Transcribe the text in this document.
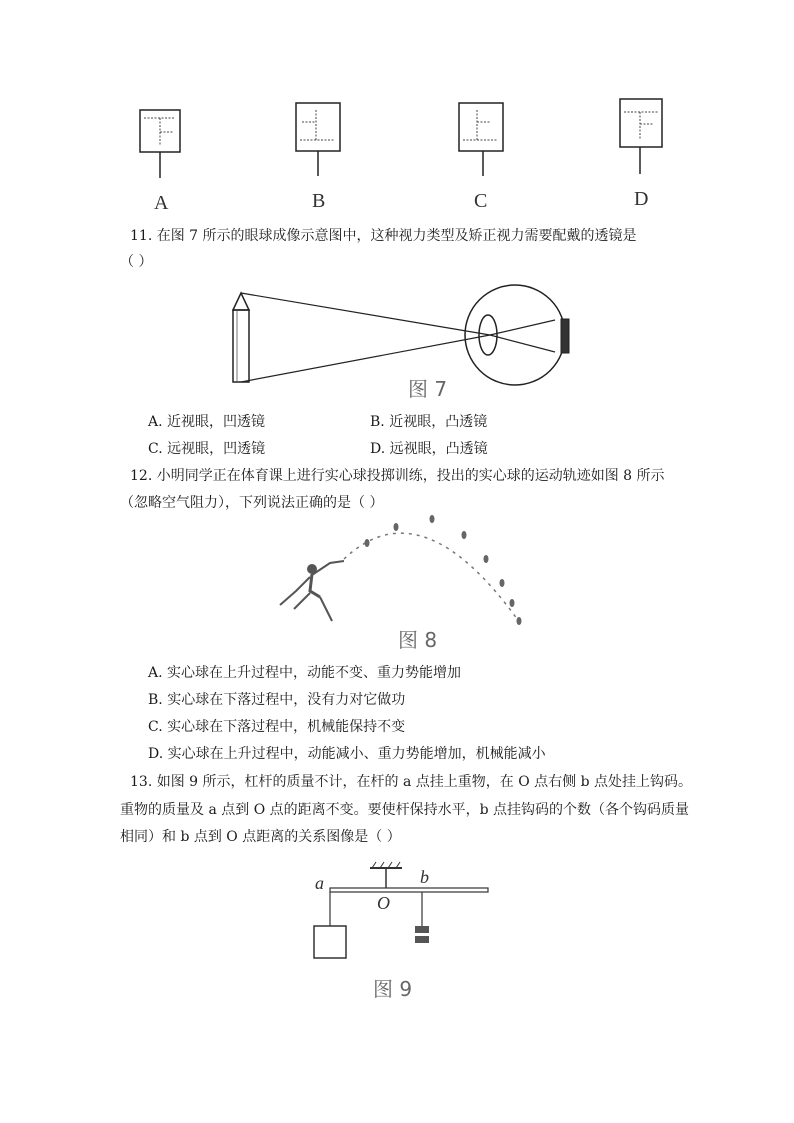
A	B	C	D
11. 在图 7 所示的眼球成像示意图中，这种视力类型及矫正视力需要配戴的透镜是
（ ）
图 7
A. 近视眼，凹透镜	B. 近视眼，凸透镜
C. 远视眼，凹透镜	D. 远视眼，凸透镜
12. 小明同学正在体育课上进行实心球投掷训练，投出的实心球的运动轨迹如图 8 所示
（忽略空气阻力），下列说法正确的是（ ）
图 8
A. 实心球在上升过程中，动能不变、重力势能增加
B. 实心球在下落过程中，没有力对它做功
C. 实心球在下落过程中，机械能保持不变
D. 实心球在上升过程中，动能减小、重力势能增加，机械能减小
13. 如图 9 所示，杠杆的质量不计，在杆的 a 点挂上重物，在 O 点右侧 b 点处挂上钩码。
重物的质量及 a 点到 O 点的距离不变。要使杆保持水平，b 点挂钩码的个数（各个钩码质量
相同）和 b 点到 O 点距离的关系图像是（ ）
a
O
b
图 9
